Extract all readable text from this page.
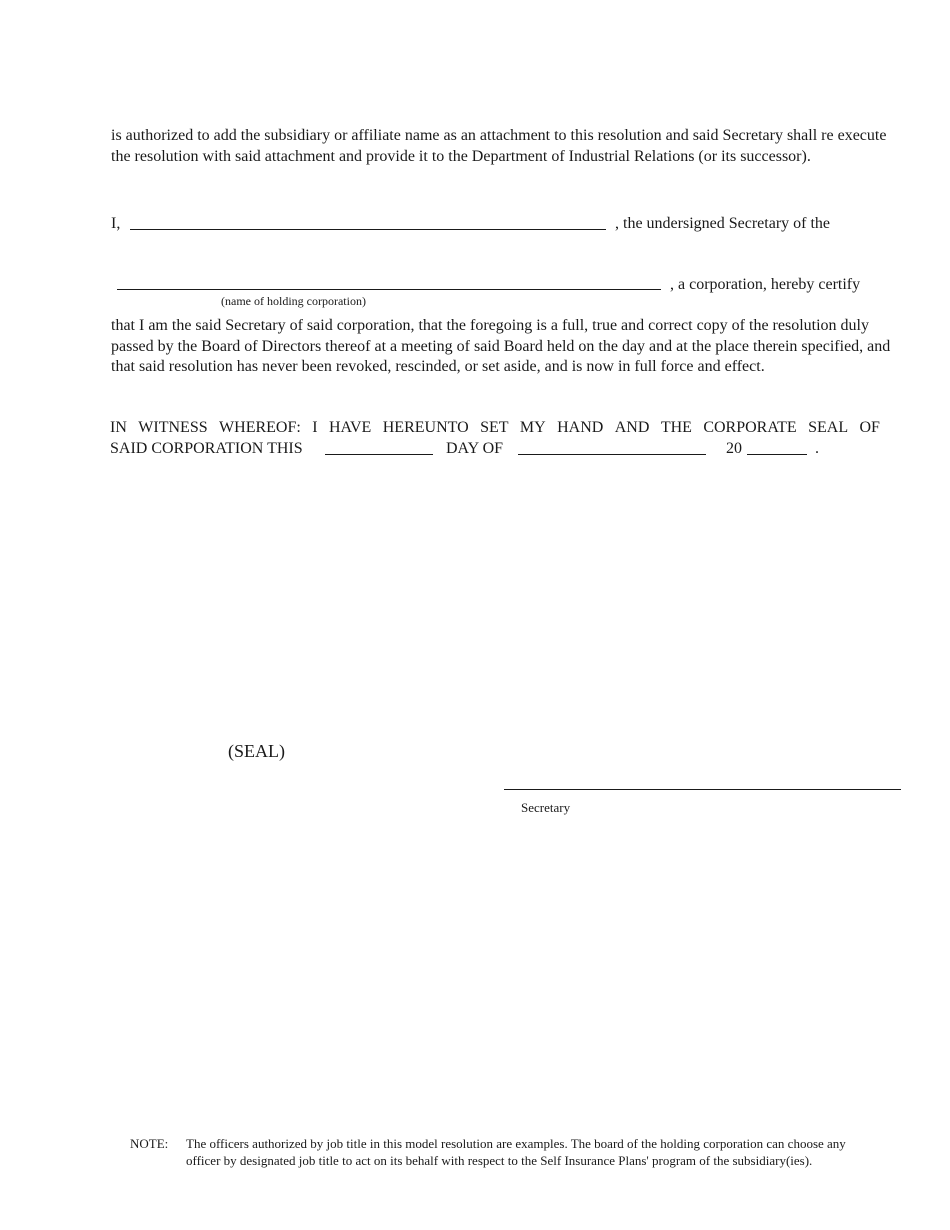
is authorized to add the subsidiary or affiliate name as an attachment to this resolution and said Secretary shall re execute the resolution with said attachment and provide it to the Department of Industrial Relations (or its successor).

I,	, the undersigned Secretary of the
, a corporation, hereby certify
(name of holding corporation)

that I am the said Secretary of said corporation, that the foregoing is a full, true and correct copy of the resolution duly passed by the Board of Directors thereof at a meeting of said Board held on the day and at the place therein specified, and that said resolution has never been revoked, rescinded, or set aside, and is now in full force and effect.

IN WITNESS WHEREOF: I HAVE HEREUNTO SET MY HAND AND THE CORPORATE SEAL OF
SAID CORPORATION THIS	DAY OF	20	.
(SEAL)
Secretary
NOTE:	The officers authorized by job title in this model resolution are examples. The board of the holding corporation can choose any officer by designated job title to act on its behalf with respect to the Self Insurance Plans' program of the subsidiary(ies).
